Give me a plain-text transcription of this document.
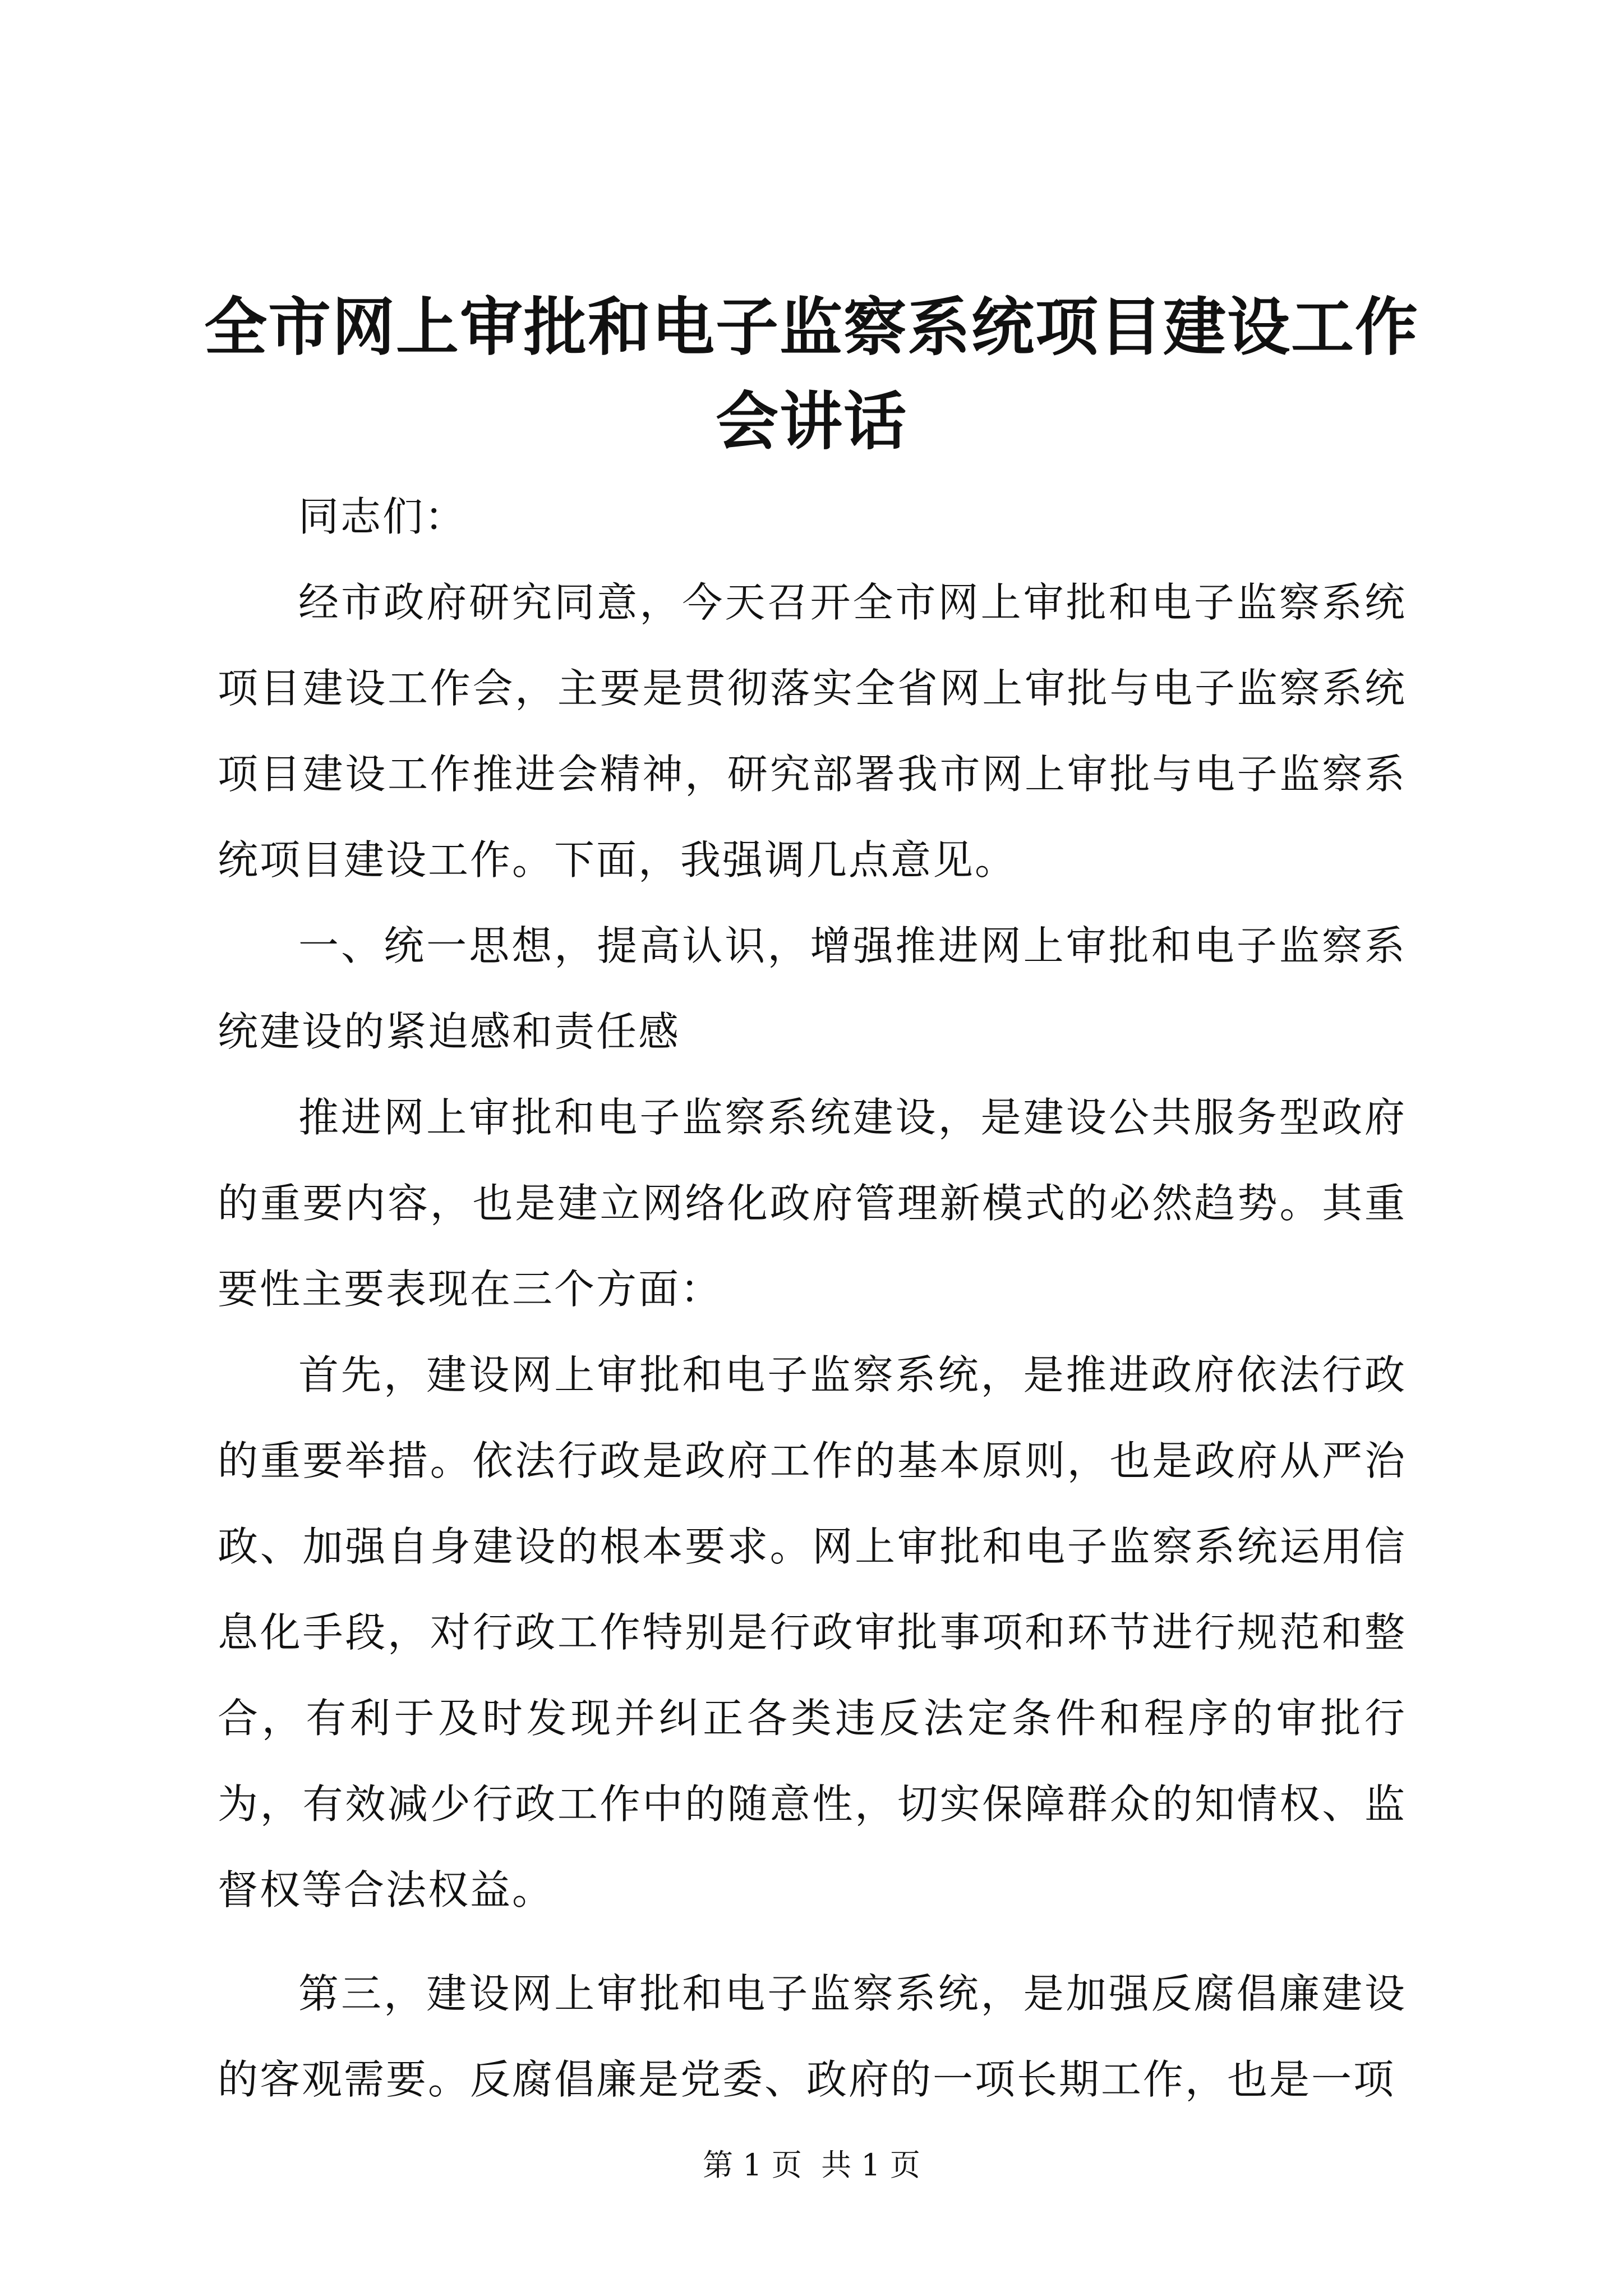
全市网上审批和电子监察系统项目建设工作会讲话

同志们：

经市政府研究同意，今天召开全市网上审批和电子监察系统项目建设工作会，主要是贯彻落实全省网上审批与电子监察系统项目建设工作推进会精神，研究部署我市网上审批与电子监察系统项目建设工作。下面，我强调几点意见。

一、统一思想，提高认识，增强推进网上审批和电子监察系统建设的紧迫感和责任感

推进网上审批和电子监察系统建设，是建设公共服务型政府的重要内容，也是建立网络化政府管理新模式的必然趋势。其重要性主要表现在三个方面：

首先，建设网上审批和电子监察系统，是推进政府依法行政的重要举措。依法行政是政府工作的基本原则，也是政府从严治政、加强自身建设的根本要求。网上审批和电子监察系统运用信息化手段，对行政工作特别是行政审批事项和环节进行规范和整合，有利于及时发现并纠正各类违反法定条件和程序的审批行为，有效减少行政工作中的随意性，切实保障群众的知情权、监督权等合法权益。

第三，建设网上审批和电子监察系统，是加强反腐倡廉建设的客观需要。反腐倡廉是党委、政府的一项长期工作，也是一项

第 1 页  共 1 页
